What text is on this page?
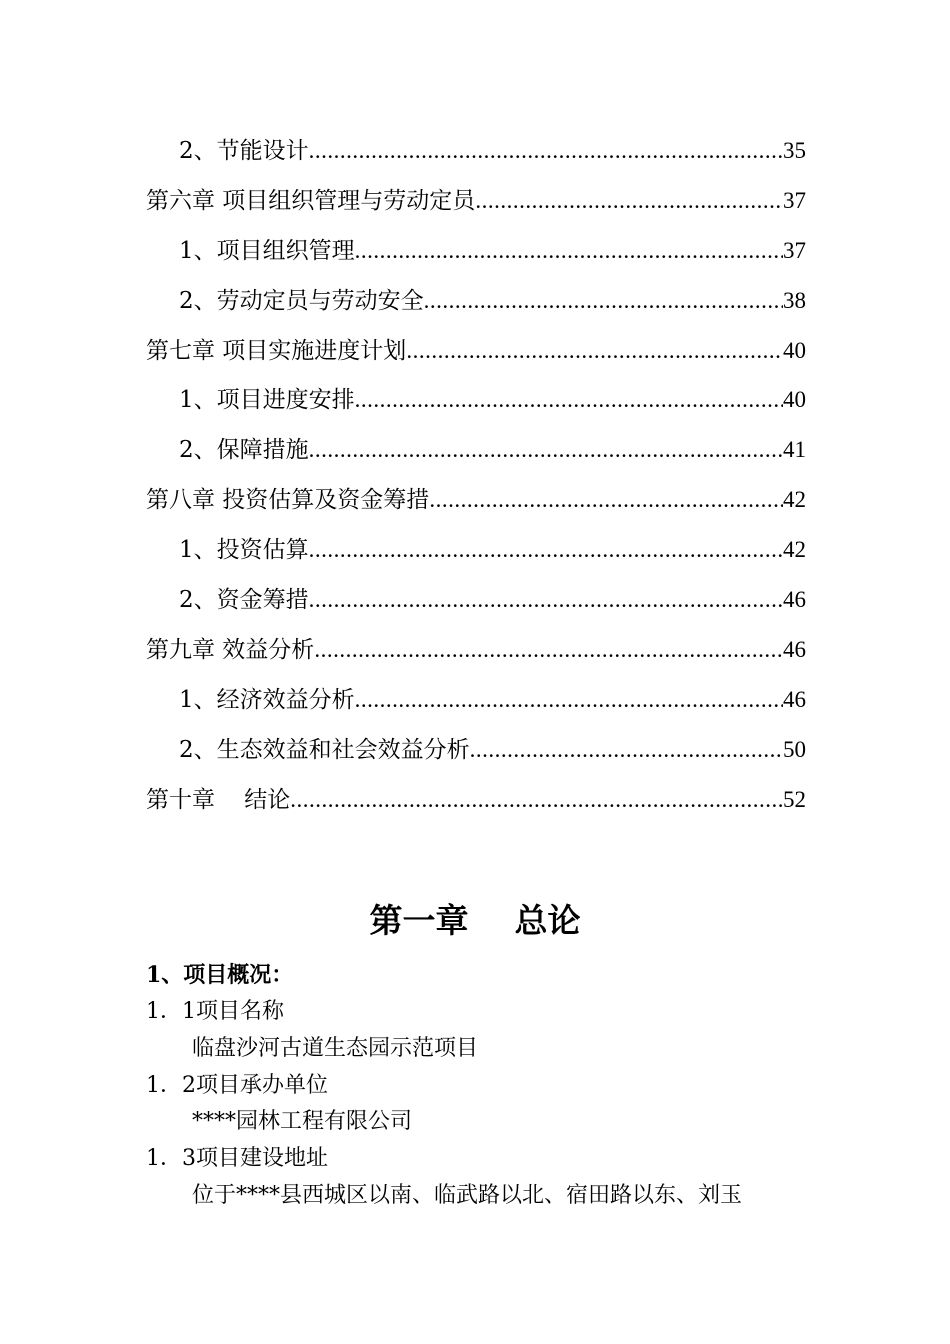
2、节能设计 .....	35
第六章 项目组织管理与劳动定员 .....	37
1、项目组织管理 .....	37
2、劳动定员与劳动安全 .....	38
第七章 项目实施进度计划 .....	40
1、项目进度安排 .....	40
2、保障措施 .....	41
第八章 投资估算及资金筹措 .....	42
1、投资估算 .....	42
2、资金筹措 .....	46
第九章 效益分析 .....	46
1、经济效益分析 .....	46
2、生态效益和社会效益分析 .....	50
第十章    结论 .....	52
第一章    总论
1、项目概况：
1．1项目名称
临盘沙河古道生态园示范项目
1．2项目承办单位
****园林工程有限公司
1．3项目建设地址
位于****县西城区以南、临武路以北、宿田路以东、刘玉
